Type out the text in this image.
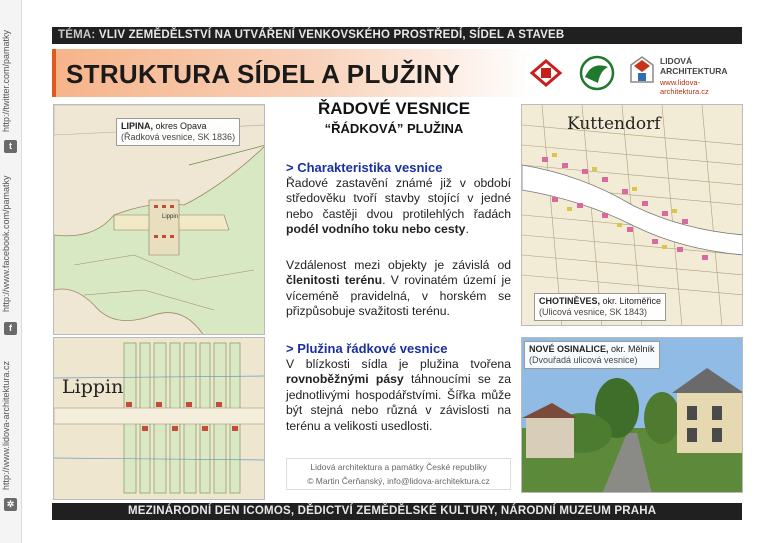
t
http://twitter.com/pamatky
f
http://www.facebook.com/pamatky
✲
http://www.lidova-architektura.cz
TÉMA: VLIV ZEMĚDĚLSTVÍ NA UTVÁŘENÍ VENKOVSKÉHO PROSTŘEDÍ, SÍDEL A STAVEB
STRUKTURA SÍDEL A PLUŽINY	LIDOVÁ
ARCHITEKTURA
www.lidova-architektura.cz
Lippin
LIPINA, okres Opava
(Řadková vesnice, SK 1836)
Lippin
ŘADOVÉ VESNICE
“ŘÁDKOVÁ” PLUŽINA
> Charakteristika vesnice
Řadové zastavění známé již v období středověku tvoří stavby stojící v jedné nebo častěji dvou protilehlých řadách podél vodního toku nebo cesty.
Vzdálenost mezi objekty je závislá od členitosti terénu. V rovinatém území je víceméně pravidelná, v horském se přizpůsobuje svažitosti terénu.
> Plužina řádkové vesnice
V blízkosti sídla je plužina tvořena rovnoběžnými pásy táhnoucími se za jednotlivými hospodářstvími. Šířka může být stejná nebo různá v závislosti na terénu a velikosti usedlosti.
Lidová architektura a památky České republiky
© Martin Čerňanský, info@lidova-architektura.cz
Kuttendorf
CHOTINĚVES, okr. Litoměřice
(Ulicová vesnice, SK 1843)
NOVÉ OSINALICE, okr. Mělník
(Dvouřadá ulicová vesnice)
MEZINÁRODNÍ DEN ICOMOS, DĚDICTVÍ ZEMĚDĚLSKÉ KULTURY, NÁRODNÍ MUZEUM PRAHA
